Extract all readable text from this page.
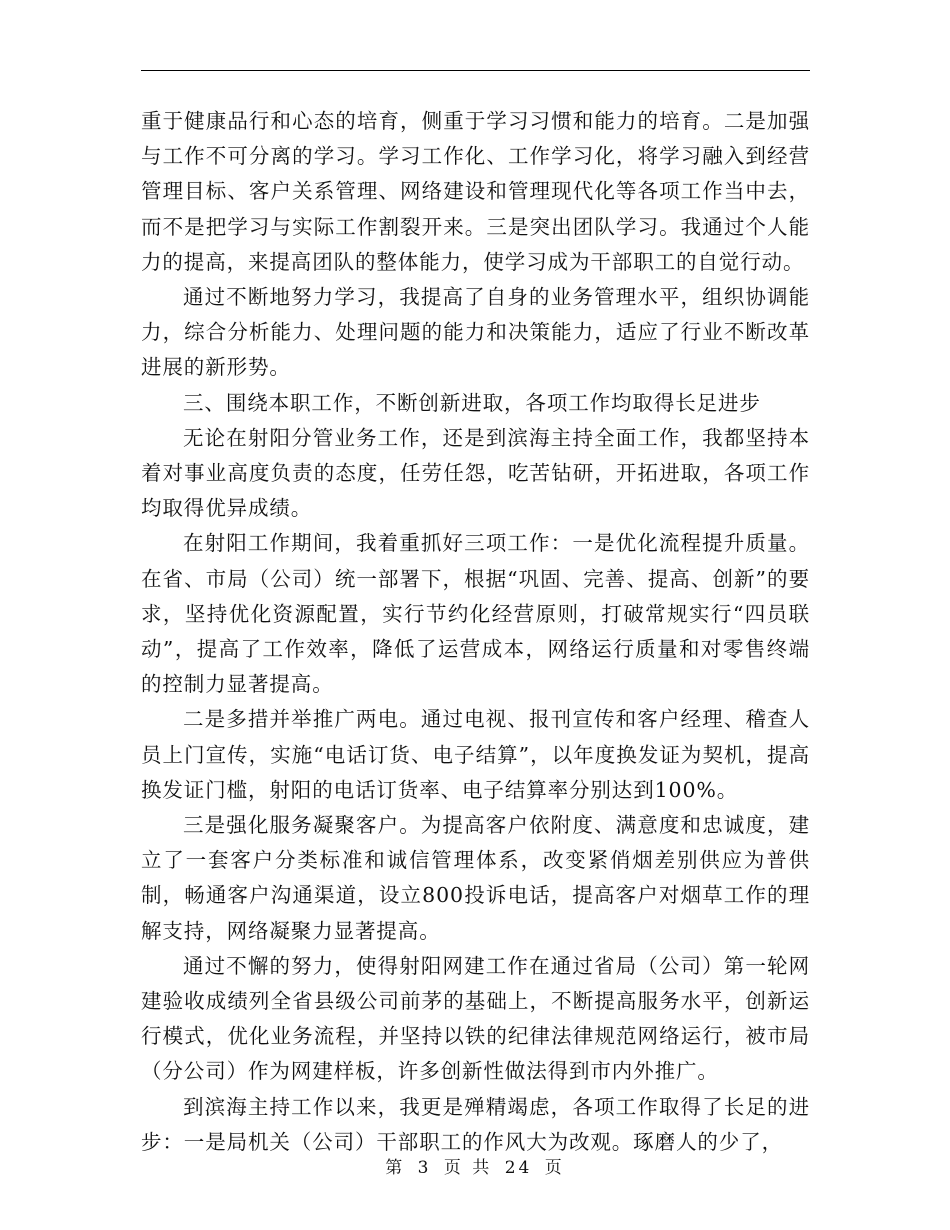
重于健康品行和心态的培育，侧重于学习习惯和能力的培育。二是加强与工作不可分离的学习。学习工作化、工作学习化，将学习融入到经营管理目标、客户关系管理、网络建设和管理现代化等各项工作当中去，而不是把学习与实际工作割裂开来。三是突出团队学习。我通过个人能力的提高，来提高团队的整体能力，使学习成为干部职工的自觉行动。

通过不断地努力学习，我提高了自身的业务管理水平，组织协调能力，综合分析能力、处理问题的能力和决策能力，适应了行业不断改革进展的新形势。

三、围绕本职工作，不断创新进取，各项工作均取得长足进步

无论在射阳分管业务工作，还是到滨海主持全面工作，我都坚持本着对事业高度负责的态度，任劳任怨，吃苦钻研，开拓进取，各项工作均取得优异成绩。

在射阳工作期间，我着重抓好三项工作：一是优化流程提升质量。在省、市局（公司）统一部署下，根据“巩固、完善、提高、创新”的要求，坚持优化资源配置，实行节约化经营原则，打破常规实行“四员联动”，提高了工作效率，降低了运营成本，网络运行质量和对零售终端的控制力显著提高。

二是多措并举推广两电。通过电视、报刊宣传和客户经理、稽查人员上门宣传，实施“电话订货、电子结算”，以年度换发证为契机，提高换发证门槛，射阳的电话订货率、电子结算率分别达到100%。

三是强化服务凝聚客户。为提高客户依附度、满意度和忠诚度，建立了一套客户分类标准和诚信管理体系，改变紧俏烟差别供应为普供制，畅通客户沟通渠道，设立800投诉电话，提高客户对烟草工作的理解支持，网络凝聚力显著提高。

通过不懈的努力，使得射阳网建工作在通过省局（公司）第一轮网建验收成绩列全省县级公司前茅的基础上，不断提高服务水平，创新运行模式，优化业务流程，并坚持以铁的纪律法律规范网络运行，被市局（分公司）作为网建样板，许多创新性做法得到市内外推广。

到滨海主持工作以来，我更是殚精竭虑，各项工作取得了长足的进步：一是局机关（公司）干部职工的作风大为改观。琢磨人的少了，

第 3 页 共 24 页
